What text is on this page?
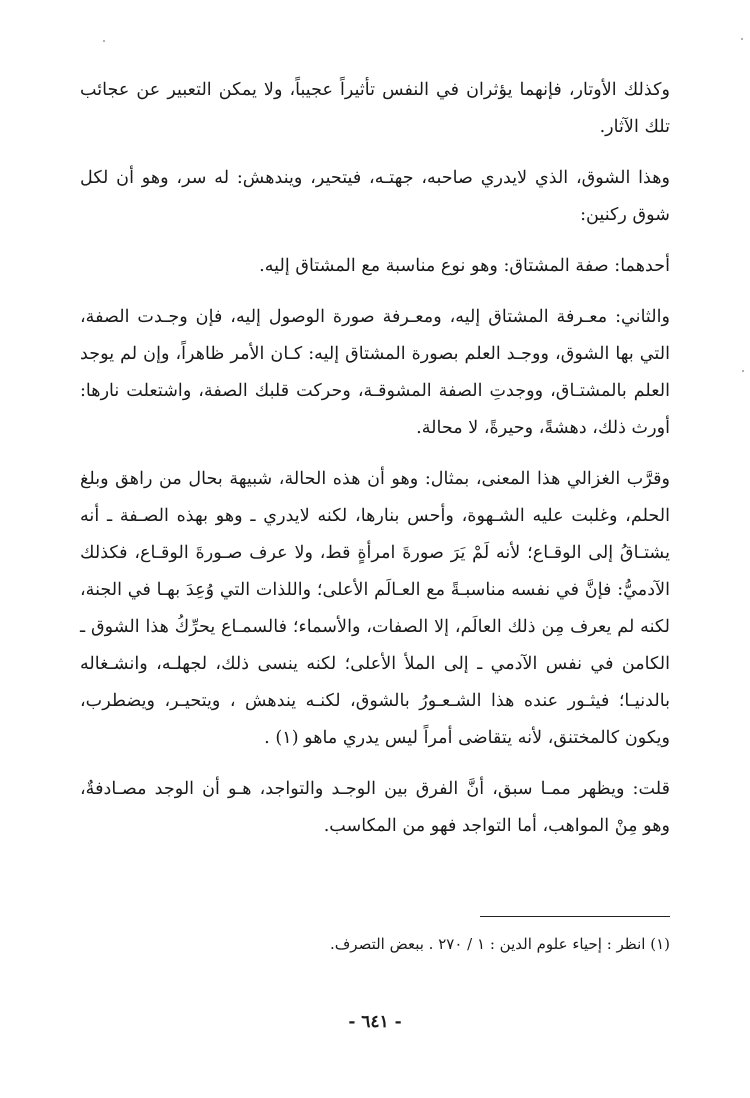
وكذلك الأوتار، فإنهما يؤثران في النفس تأثيراً عجيباً، ولا يمكن التعبير عن عجائب تلك الآثار.

وهذا الشوق، الذي لايدري صاحبه، جهتـه، فيتحير، ويندهش: له سر، وهو أن لكل شوق ركنين:

أحدهما: صفة المشتاق: وهو نوع مناسبة مع المشتاق إليه.

والثاني: معـرفة المشتاق إليه، ومعـرفة صورة الوصول إليه، فإن وجـدت الصفة، التي بها الشوق، ووجـد العلم بصورة المشتاق إليه: كـان الأمر ظاهراً، وإن لم يوجد العلم بالمشتـاق، ووجدتِ الصفة المشوقـة، وحركت قلبك الصفة، واشتعلت نارها: أورث ذلك، دهشةً، وحيرةً، لا محالة.

وقرَّب الغزالي هذا المعنى، بمثال: وهو أن هذه الحالة، شبيهة بحال من راهق وبلغ الحلم، وغلبت عليه الشـهوة، وأحس بنارها، لكنه لايدري ـ وهو بهذه الصـفة ـ أنه يشتـاقُ إلى الوقـاع؛ لأنه لَمْ يَرَ صورةَ امرأةٍ قط، ولا عرف صـورةَ الوقـاع، فكذلك الآدميُّ: فإنَّ في نفسه مناسبـةً مع العـالَم الأعلى؛ واللذات التي وُعِدَ بهـا في الجنة، لكنه لم يعرف مِن ذلك العالَم، إلا الصفات، والأسماء؛ فالسمـاع يحرِّكُ هذا الشوق ـ الكامن في نفس الآدمي ـ إلى الملأ الأعلى؛ لكنه ينسى ذلك، لجهلـه، وانشـغاله بالدنيـا؛ فيثـور عنده هذا الشـعـورُ بالشوق، لكنـه يندهش ، ويتحيـر، ويضطرب، ويكون كالمختنق، لأنه يتقاضى أمراً ليس يدري ماهو (١) .

قلت: ويظهر ممـا سبق، أنَّ الفرق بين الوجـد والتواجد، هـو أن الوجد مصـادفةٌ، وهو مِنْ المواهب، أما التواجد فهو من المكاسب.

(١) انظر : إحياء علوم الدين : ١ / ٢٧٠ . ببعض التصرف.
- ٦٤١ -
